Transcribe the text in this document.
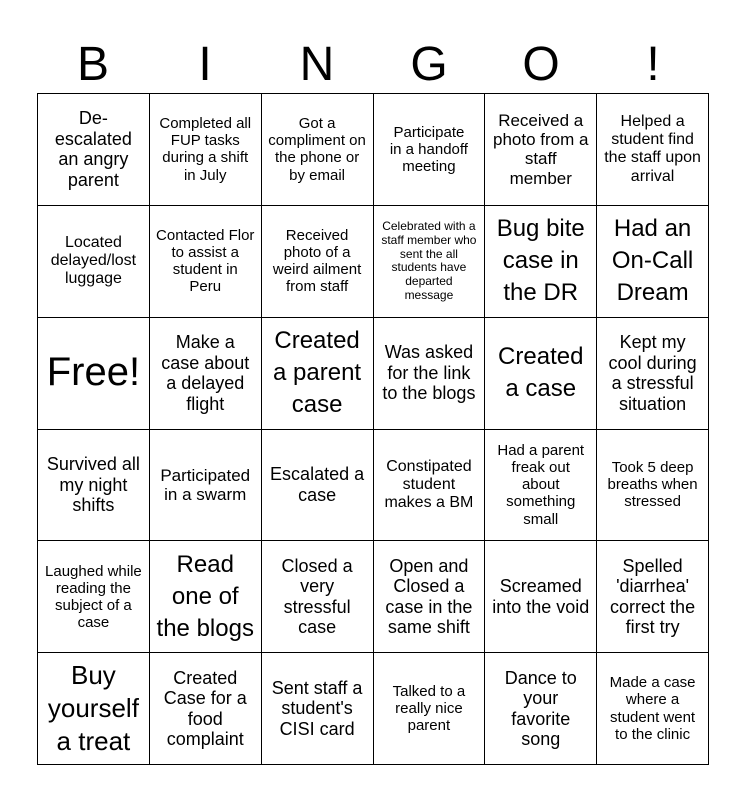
B	I	N	G	O	!
De-escalated an angry parent
Completed all FUP tasks during a shift in July
Got a compliment on the phone or by email
Participate in a handoff meeting
Received a photo from a staff member
Helped a student find the staff upon arrival
Located delayed/lost luggage
Contacted Flor to assist a student in Peru
Received photo of a weird ailment from staff
Celebrated with a staff member who sent the all students have departed message
Bug bite case in the DR
Had an On-Call Dream
Free!
Make a case about a delayed flight
Created a parent case
Was asked for the link to the blogs
Created a case
Kept my cool during a stressful situation
Survived all my night shifts
Participated in a swarm
Escalated a case
Constipated student makes a BM
Had a parent freak out about something small
Took 5 deep breaths when stressed
Laughed while reading the subject of a case
Read one of the blogs
Closed a very stressful case
Open and Closed a case in the same shift
Screamed into the void
Spelled 'diarrhea' correct the first try
Buy yourself a treat
Created Case for a food complaint
Sent staff a student's CISI card
Talked to a really nice parent
Dance to your favorite song
Made a case where a student went to the clinic
